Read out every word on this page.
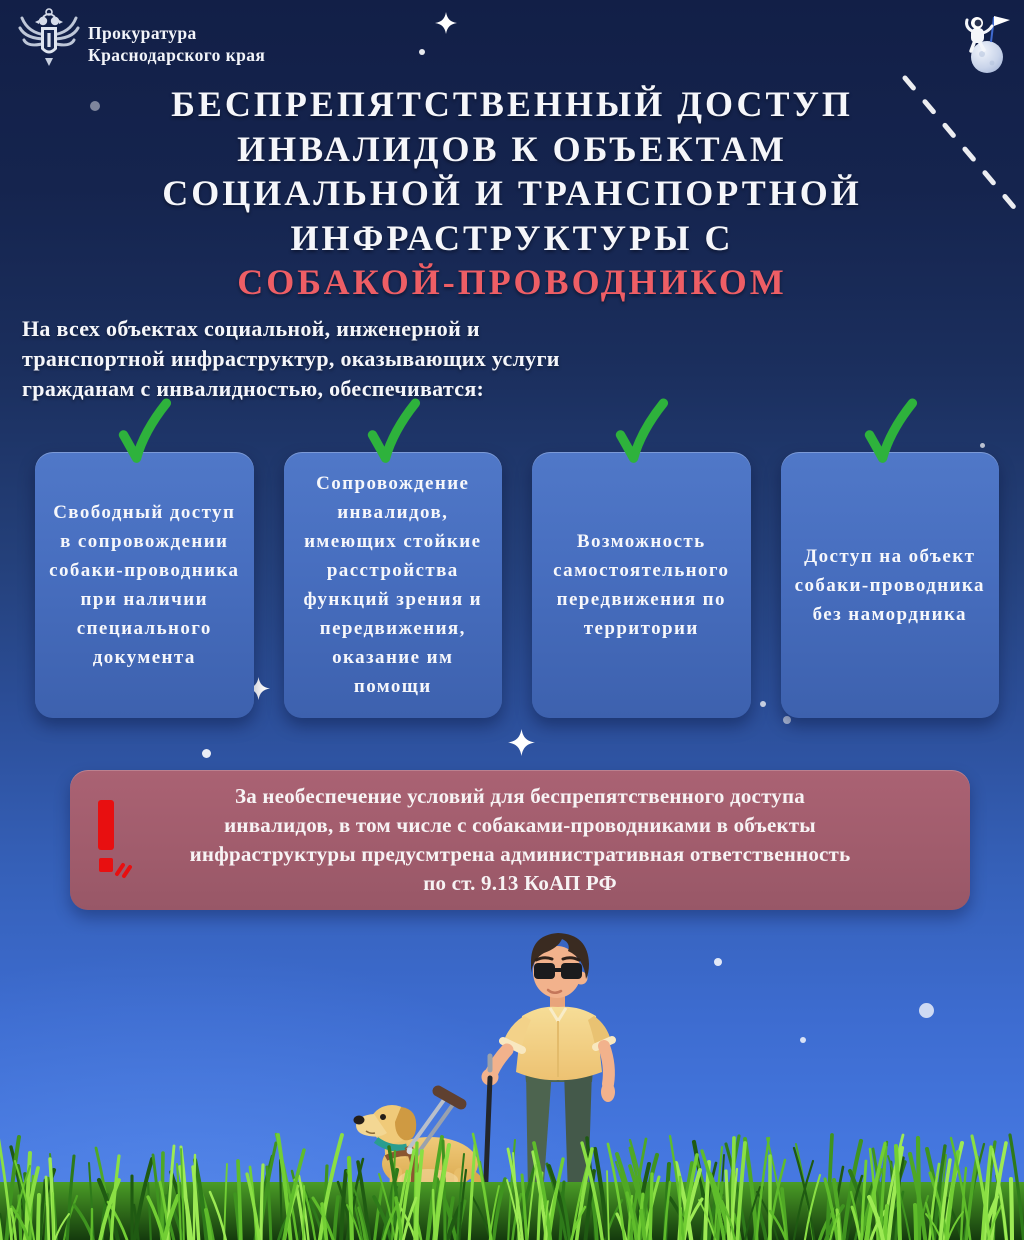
Прокуратура
Краснодарского края
БЕСПРЕПЯТСТВЕННЫЙ ДОСТУП
ИНВАЛИДОВ К ОБЪЕКТАМ
СОЦИАЛЬНОЙ И ТРАНСПОРТНОЙ
ИНФРАСТРУКТУРЫ С
СОБАКОЙ-ПРОВОДНИКОМ
На всех объектах социальной, инженерной и
транспортной инфраструктур, оказывающих услуги
гражданам с инвалидностью, обеспечиватся:
Свободный доступ в сопровождении собаки-проводника при наличии специального документа
Сопровождение инвалидов, имеющих стойкие расстройства функций зрения и передвижения, оказание им помощи
Возможность самостоятельного передвижения по территории
Доступ на объект собаки-проводника без намордника
За необеспечение условий для беспрепятственного доступа
инвалидов, в том числе с собаками-проводниками в объекты
инфраструктуры предусмтрена административная ответственность
по ст. 9.13 КоАП РФ
